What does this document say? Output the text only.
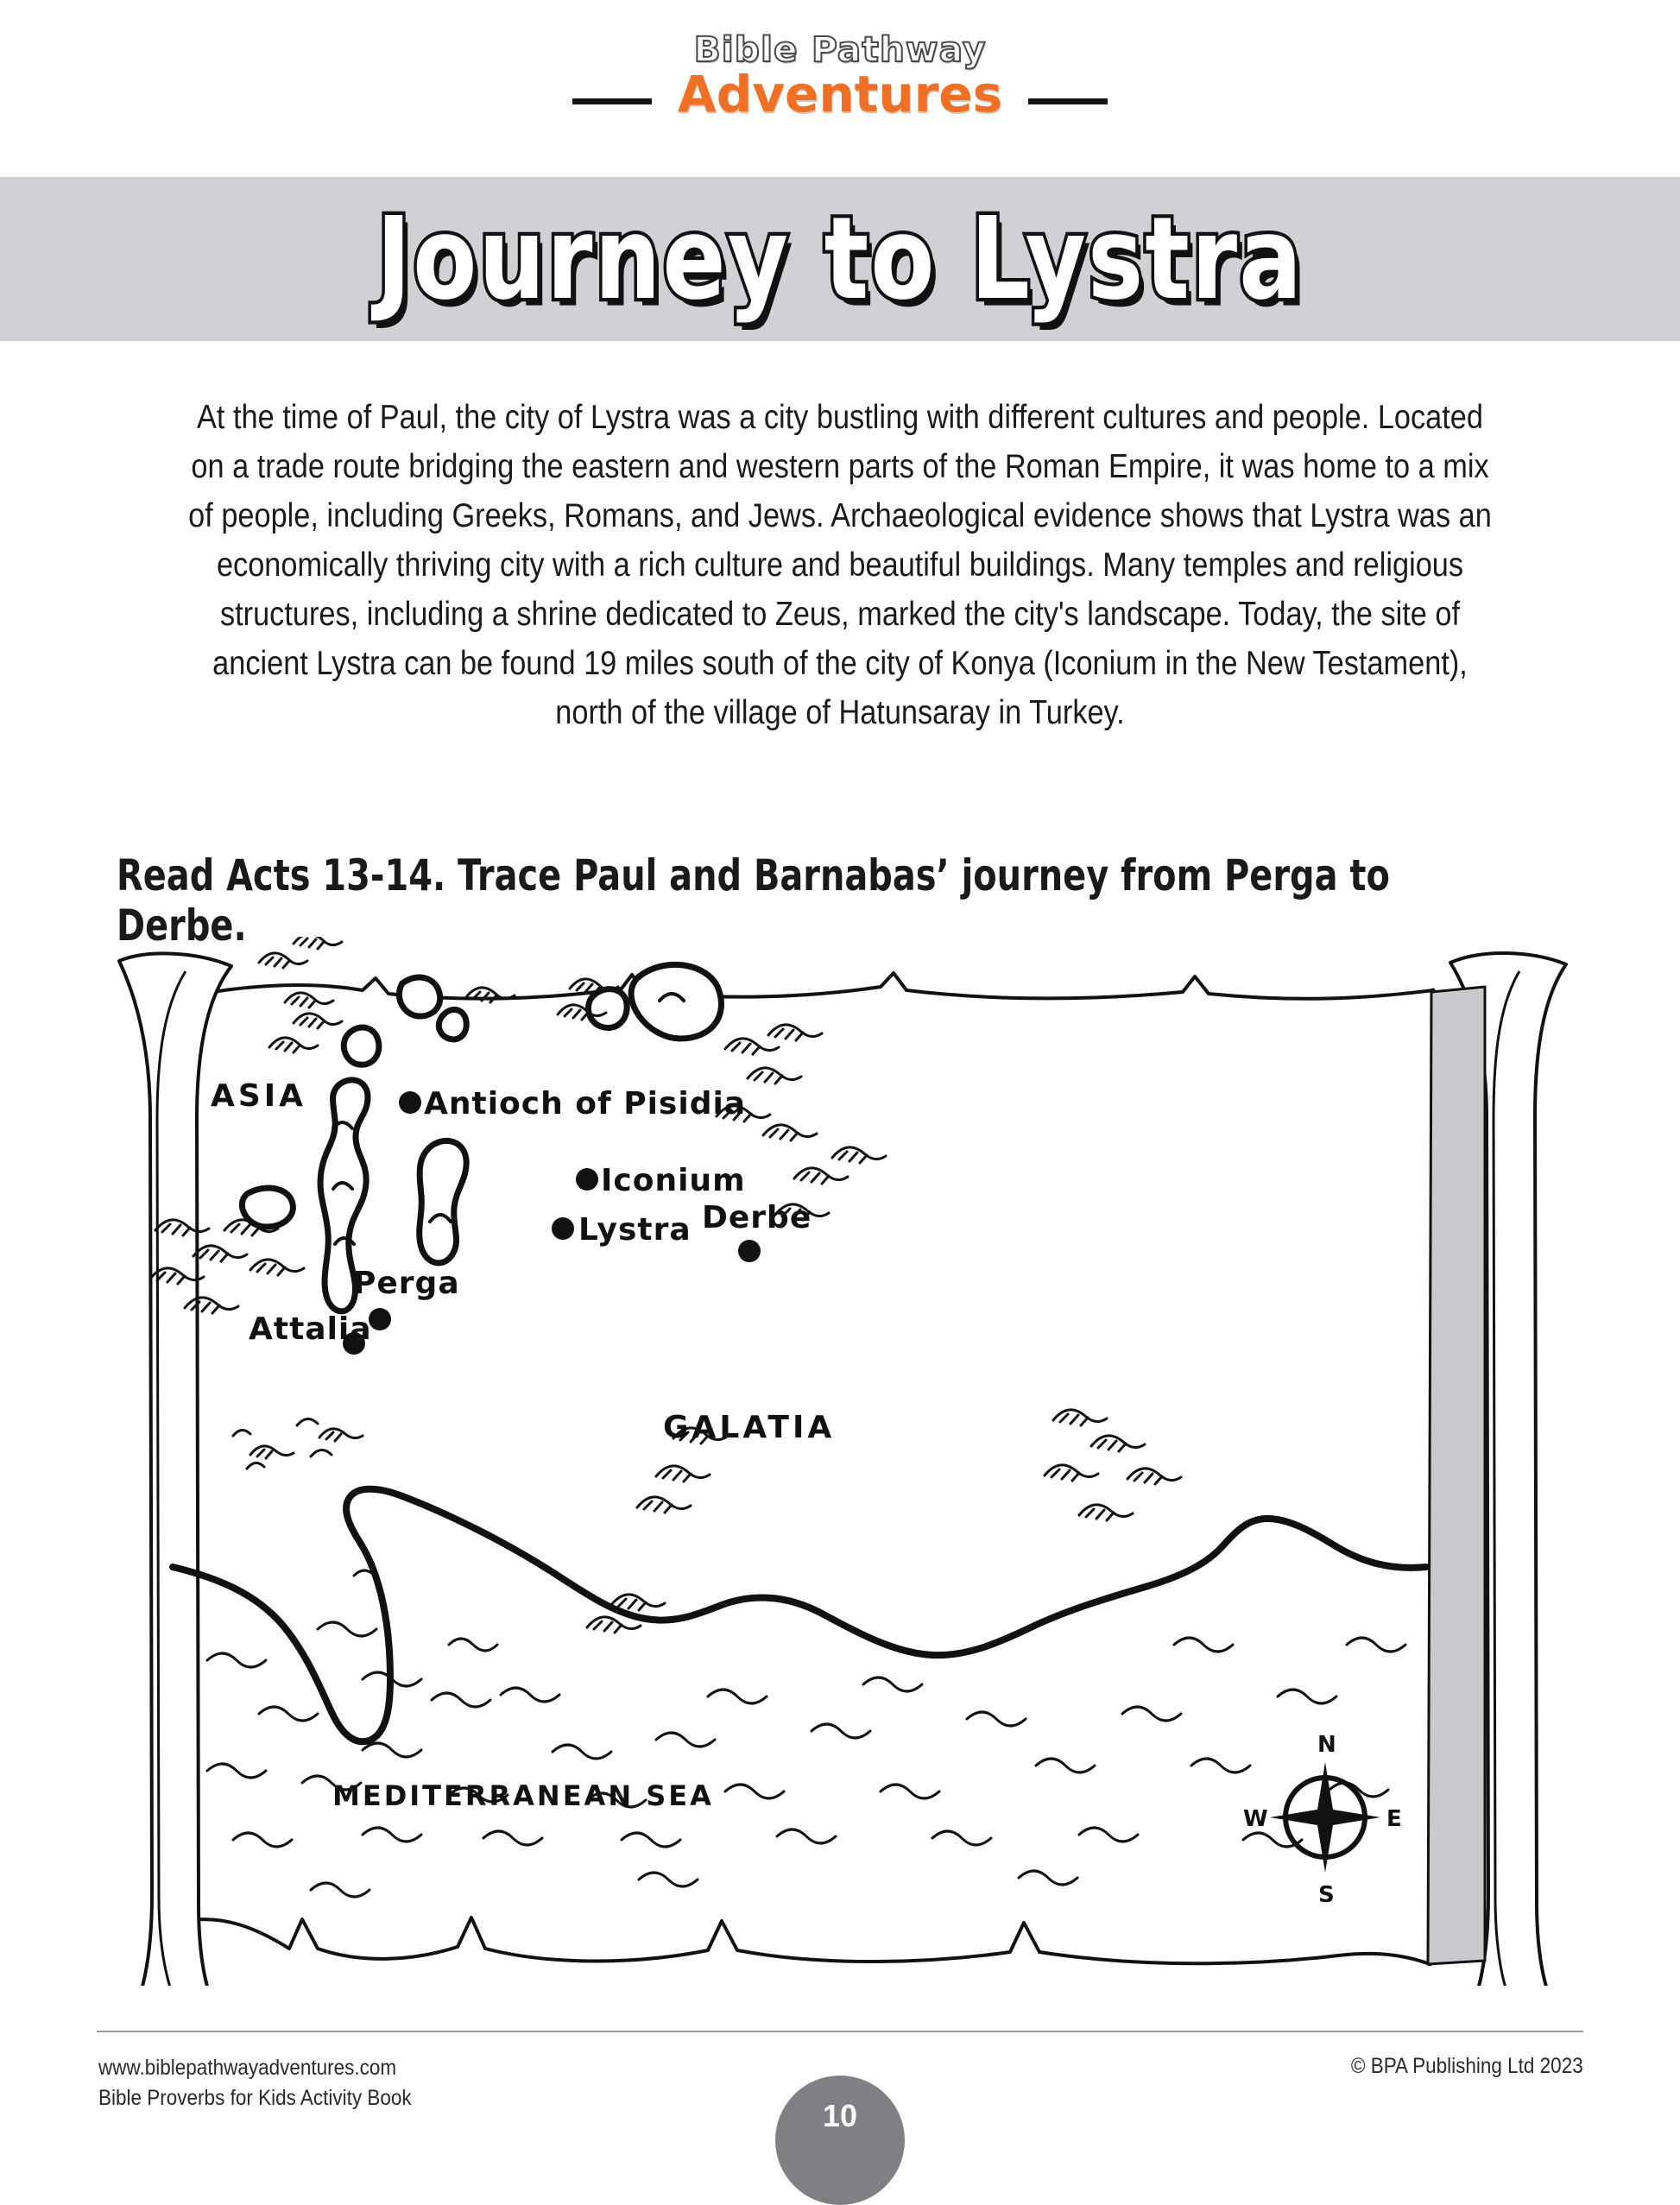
Bible Pathway
Adventures
Journey to Lystra
At the time of Paul, the city of Lystra was a city bustling with different cultures and people. Located on a trade route bridging the eastern and western parts of the Roman Empire, it was home to a mix of people, including Greeks, Romans, and Jews. Archaeological evidence shows that Lystra was an economically thriving city with a rich culture and beautiful buildings. Many temples and religious structures, including a shrine dedicated to Zeus, marked the city's landscape. Today, the site of ancient Lystra can be found 19 miles south of the city of Konya (Iconium in the New Testament), north of the village of Hatunsaray in Turkey.
Read Acts 13-14. Trace Paul and Barnabas’ journey from Perga to Derbe.
ASIA
GALATIA
Antioch of Pisidia
Iconium
Lystra Derbe
Perga
Attalia
MEDITERRANEAN SEA
N
S
E
W
www.biblepathwayadventures.com
Bible Proverbs for Kids Activity Book
© BPA Publishing Ltd 2023
10
